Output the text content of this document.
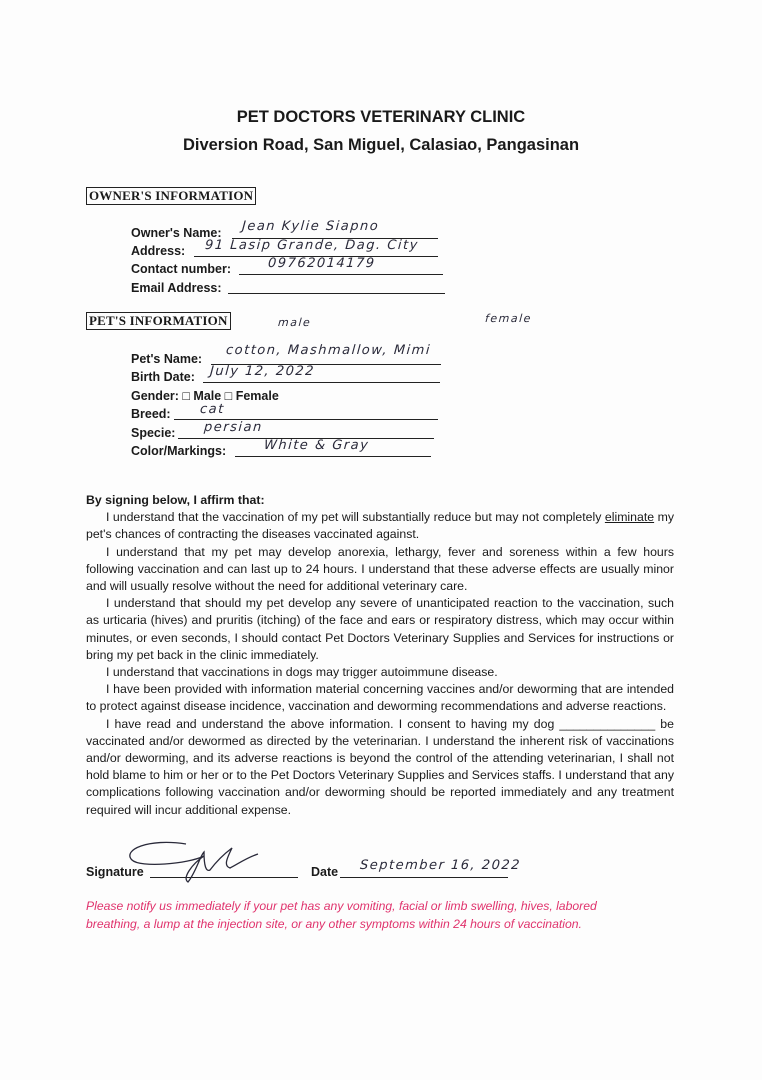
PET DOCTORS VETERINARY CLINIC
Diversion Road, San Miguel, Calasiao, Pangasinan
OWNER'S INFORMATION
Owner's Name: Jean Kylie Siapno
Address: 91 Lasip Grande, Dag. City
Contact number:	09762014179
Email Address:
PET'S INFORMATION	male	female
Pet's Name:
cotton, Mashmallow, Mimi
Birth Date: July 12, 2022
Gender: □ Male □ Female
Breed: cat
Specie: persian
Color/Markings:	White & Gray
By signing below, I affirm that:

I understand that the vaccination of my pet will substantially reduce but may not completely eliminate my pet's chances of contracting the diseases vaccinated against.

I understand that my pet may develop anorexia, lethargy, fever and soreness within a few hours following vaccination and can last up to 24 hours. I understand that these adverse effects are usually minor and will usually resolve without the need for additional veterinary care.

I understand that should my pet develop any severe of unanticipated reaction to the vaccination, such as urticaria (hives) and pruritis (itching) of the face and ears or respiratory distress, which may occur within minutes, or even seconds, I should contact Pet Doctors Veterinary Supplies and Services for instructions or bring my pet back in the clinic immediately.

I understand that vaccinations in dogs may trigger autoimmune disease.

I have been provided with information material concerning vaccines and/or deworming that are intended to protect against disease incidence, vaccination and deworming recommendations and adverse reactions.

I have read and understand the above information. I consent to having my dog ______________ be vaccinated and/or dewormed as directed by the veterinarian. I understand the inherent risk of vaccinations and/or deworming, and its adverse reactions is beyond the control of the attending veterinarian, I shall not hold blame to him or her or to the Pet Doctors Veterinary Supplies and Services staffs. I understand that any complications following vaccination and/or deworming should be reported immediately and any treatment required will incur additional expense.

Signature	Date September 16, 2022
Please notify us immediately if your pet has any vomiting, facial or limb swelling, hives, labored breathing, a lump at the injection site, or any other symptoms within 24 hours of vaccination.
